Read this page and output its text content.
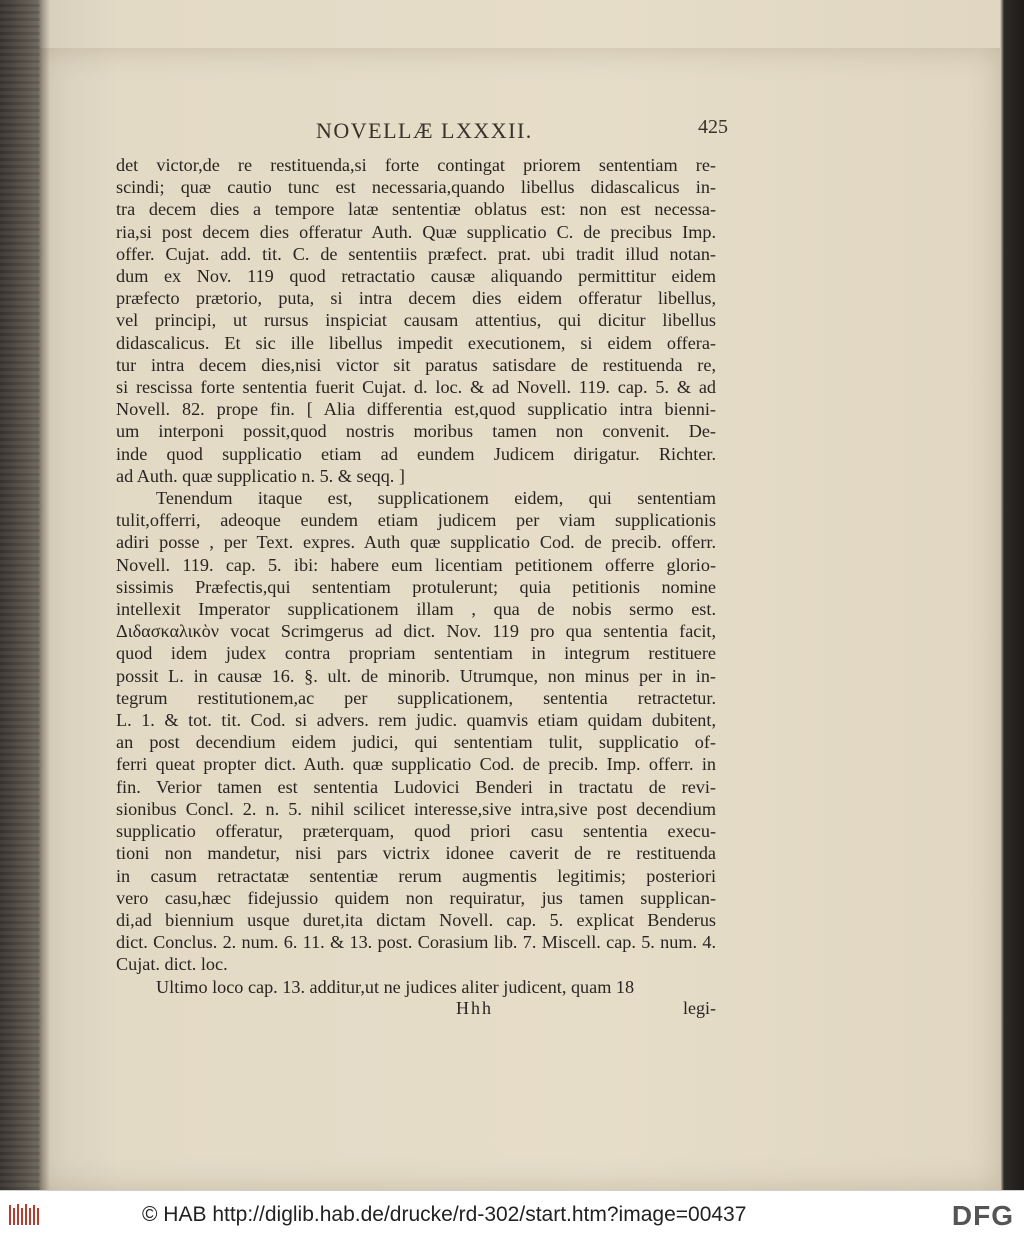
NOVELLÆ LXXXII.	425
det victor,de re restituenda,si forte contingat priorem sententiam re-
scindi; quæ cautio tunc est necessaria,quando libellus didascalicus in-
tra decem dies a tempore latæ sententiæ oblatus est: non est necessa-
ria,si post decem dies offeratur Auth. Quæ supplicatio C. de precibus Imp.
offer. Cujat. add. tit. C. de sententiis præfect. prat. ubi tradit illud notan-
dum ex Nov. 119 quod retractatio causæ aliquando permittitur eidem
præfecto prætorio, puta, si intra decem dies eidem offeratur libellus,
vel principi, ut rursus inspiciat causam attentius, qui dicitur libellus
didascalicus. Et sic ille libellus impedit executionem, si eidem offera-
tur intra decem dies,nisi victor sit paratus satisdare de restituenda re,
si rescissa forte sententia fuerit Cujat. d. loc. & ad Novell. 119. cap. 5. & ad
Novell. 82. prope fin. [ Alia differentia est,quod supplicatio intra bienni-
um interponi possit,quod nostris moribus tamen non convenit. De-
inde quod supplicatio etiam ad eundem Judicem dirigatur. Richter.
ad Auth. quæ supplicatio n. 5. & seqq. ]
Tenendum itaque est, supplicationem eidem, qui sententiam
tulit,offerri, adeoque eundem etiam judicem per viam supplicationis
adiri posse , per Text. expres. Auth quæ supplicatio Cod. de precib. offerr.
Novell. 119. cap. 5. ibi: habere eum licentiam petitionem offerre glorio-
sissimis Præfectis,qui sententiam protulerunt; quia petitionis nomine
intellexit Imperator supplicationem illam , qua de nobis sermo est.
Διδασκαλικὸν vocat Scrimgerus ad dict. Nov. 119 pro qua sententia facit,
quod idem judex contra propriam sententiam in integrum restituere
possit L. in causæ 16. §. ult. de minorib. Utrumque, non minus per in in-
tegrum restitutionem,ac per supplicationem, sententia retractetur.
L. 1. & tot. tit. Cod. si advers. rem judic. quamvis etiam quidam dubitent,
an post decendium eidem judici, qui sententiam tulit, supplicatio of-
ferri queat propter dict. Auth. quæ supplicatio Cod. de precib. Imp. offerr. in
fin. Verior tamen est sententia Ludovici Benderi in tractatu de revi-
sionibus Concl. 2. n. 5. nihil scilicet interesse,sive intra,sive post decendium
supplicatio offeratur, præterquam, quod priori casu sententia execu-
tioni non mandetur, nisi pars victrix idonee caverit de re restituenda
in casum retractatæ sententiæ rerum augmentis legitimis; posteriori
vero casu,hæc fidejussio quidem non requiratur, jus tamen supplican-
di,ad biennium usque duret,ita dictam Novell. cap. 5. explicat Benderus
dict. Conclus. 2. num. 6. 11. & 13. post. Corasium lib. 7. Miscell. cap. 5. num. 4.
Cujat. dict. loc.
Ultimo loco cap. 13. additur,ut ne judices aliter judicent, quam 18
Hhh	legi-
© HAB http://diglib.hab.de/drucke/rd-302/start.htm?image=00437	DFG
